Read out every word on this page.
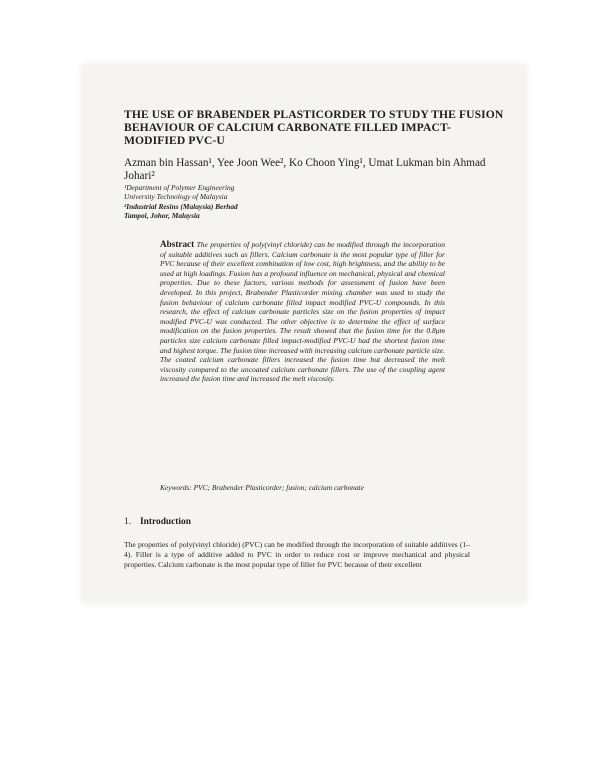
THE USE OF BRABENDER PLASTICORDER TO STUDY THE FUSION BEHAVIOUR OF CALCIUM CARBONATE FILLED IMPACT-MODIFIED PVC-U

Azman bin Hassan¹, Yee Joon Wee², Ko Choon Ying¹, Umat Lukman bin Ahmad Johari²

¹Department of Polymer Engineering
University Technology of Malaysia
²Industrial Resins (Malaysia) Berhad
Tampoi, Johor, Malaysia

Abstract The properties of poly(vinyl chloride) can be modified through the incorporation of suitable additives such as fillers. Calcium carbonate is the most popular type of filler for PVC because of their excellent combination of low cost, high brightness, and the ability to be used at high loadings. Fusion has a profound influence on mechanical, physical and chemical properties. Due to these factors, various methods for assessment of fusion have been developed. In this project, Brabender Plasticorder mixing chamber was used to study the fusion behaviour of calcium carbonate filled impact modified PVC-U compounds. In this research, the effect of calcium carbonate particles size on the fusion properties of impact modified PVC-U was conducted. The other objective is to determine the effect of surface modification on the fusion properties. The result showed that the fusion time for the 0.8μm particles size calcium carbonate filled impact-modified PVC-U had the shortest fusion time and highest torque. The fusion time increased with increasing calcium carbonate particle size. The coated calcium carbonate fillers increased the fusion time but decreased the melt viscosity compared to the uncoated calcium carbonate fillers. The use of the coupling agent increased the fusion time and increased the melt viscosity.

Keywords: PVC; Brabender Plasticorder; fusion; calcium carbonate

1. Introduction

The properties of poly(vinyl chloride) (PVC) can be modified through the incorporation of suitable additives (1–4). Filler is a type of additive added to PVC in order to reduce cost or improve mechanical and physical properties. Calcium carbonate is the most popular type of filler for PVC because of their excellent
